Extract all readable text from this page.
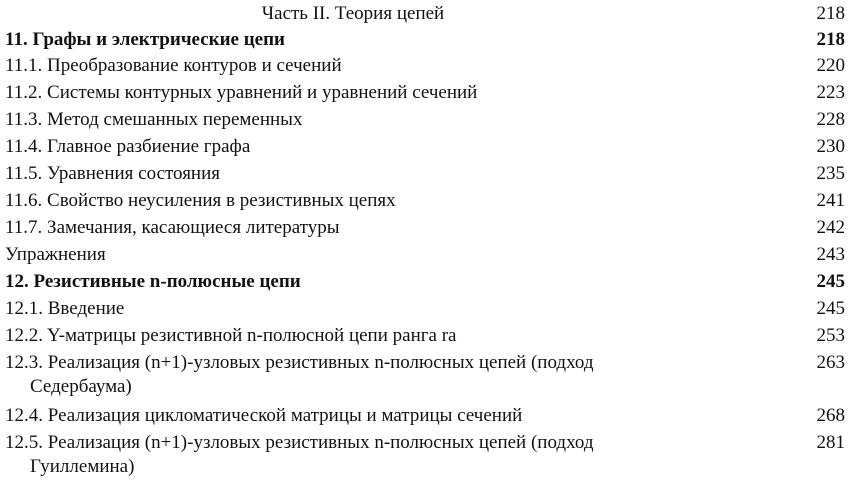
Часть II. Теория цепей	218
11. Графы и электрические цепи	218
11.1. Преобразование контуров и сечений	220
11.2. Системы контурных уравнений и уравнений сечений	223
11.3. Метод смешанных переменных	228
11.4. Главное разбиение графа	230
11.5. Уравнения состояния	235
11.6. Свойство неусиления в резистивных цепях	241
11.7. Замечания, касающиеся литературы	242
Упражнения	243
12. Резистивные n-полюсные цепи	245
12.1. Введение	245
12.2. Y-матрицы резистивной n-полюсной цепи ранга ra	253
12.3. Реализация (n+1)-узловых резистивных n-полюсных цепей (подход	263
Седербаума)
12.4. Реализация цикломатической матрицы и матрицы сечений	268
12.5. Реализация (n+1)-узловых резистивных n-полюсных цепей (подход	281
Гуиллемина)
